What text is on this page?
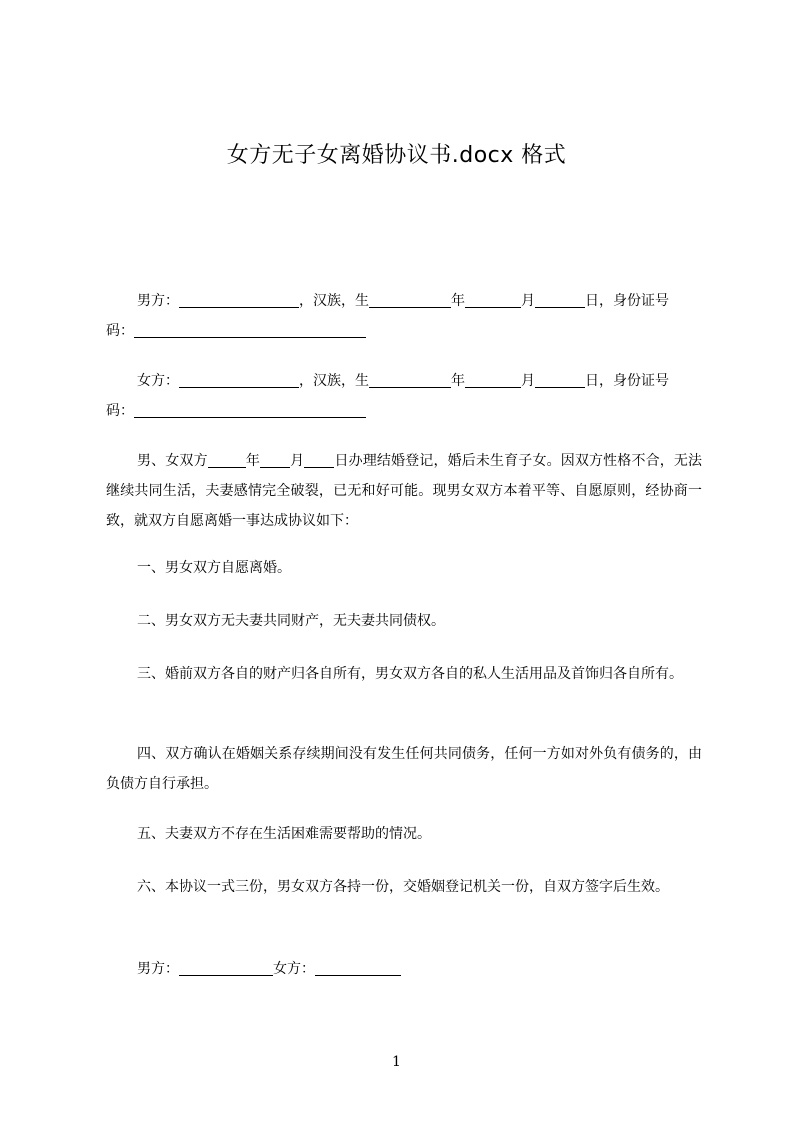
女方无子女离婚协议书.docx 格式
男方：	，汉族，生	年	月	日，身份证号
码：
女方：	，汉族，生	年	月	日，身份证号
码：
男、女双方	年 月 日办理结婚登记，婚后未生育子女。因双方性格不合，无法继续共同生活，夫妻感情完全破裂，已无和好可能。现男女双方本着平等、自愿原则，经协商一致，就双方自愿离婚一事达成协议如下：
一、男女双方自愿离婚。
二、男女双方无夫妻共同财产，无夫妻共同债权。
三、婚前双方各自的财产归各自所有，男女双方各自的私人生活用品及首饰归各自所有。
四、双方确认在婚姻关系存续期间没有发生任何共同债务，任何一方如对外负有债务的，由负债方自行承担。
五、夫妻双方不存在生活困难需要帮助的情况。
六、本协议一式三份，男女双方各持一份，交婚姻登记机关一份，自双方签字后生效。
男方：	女方：
1
